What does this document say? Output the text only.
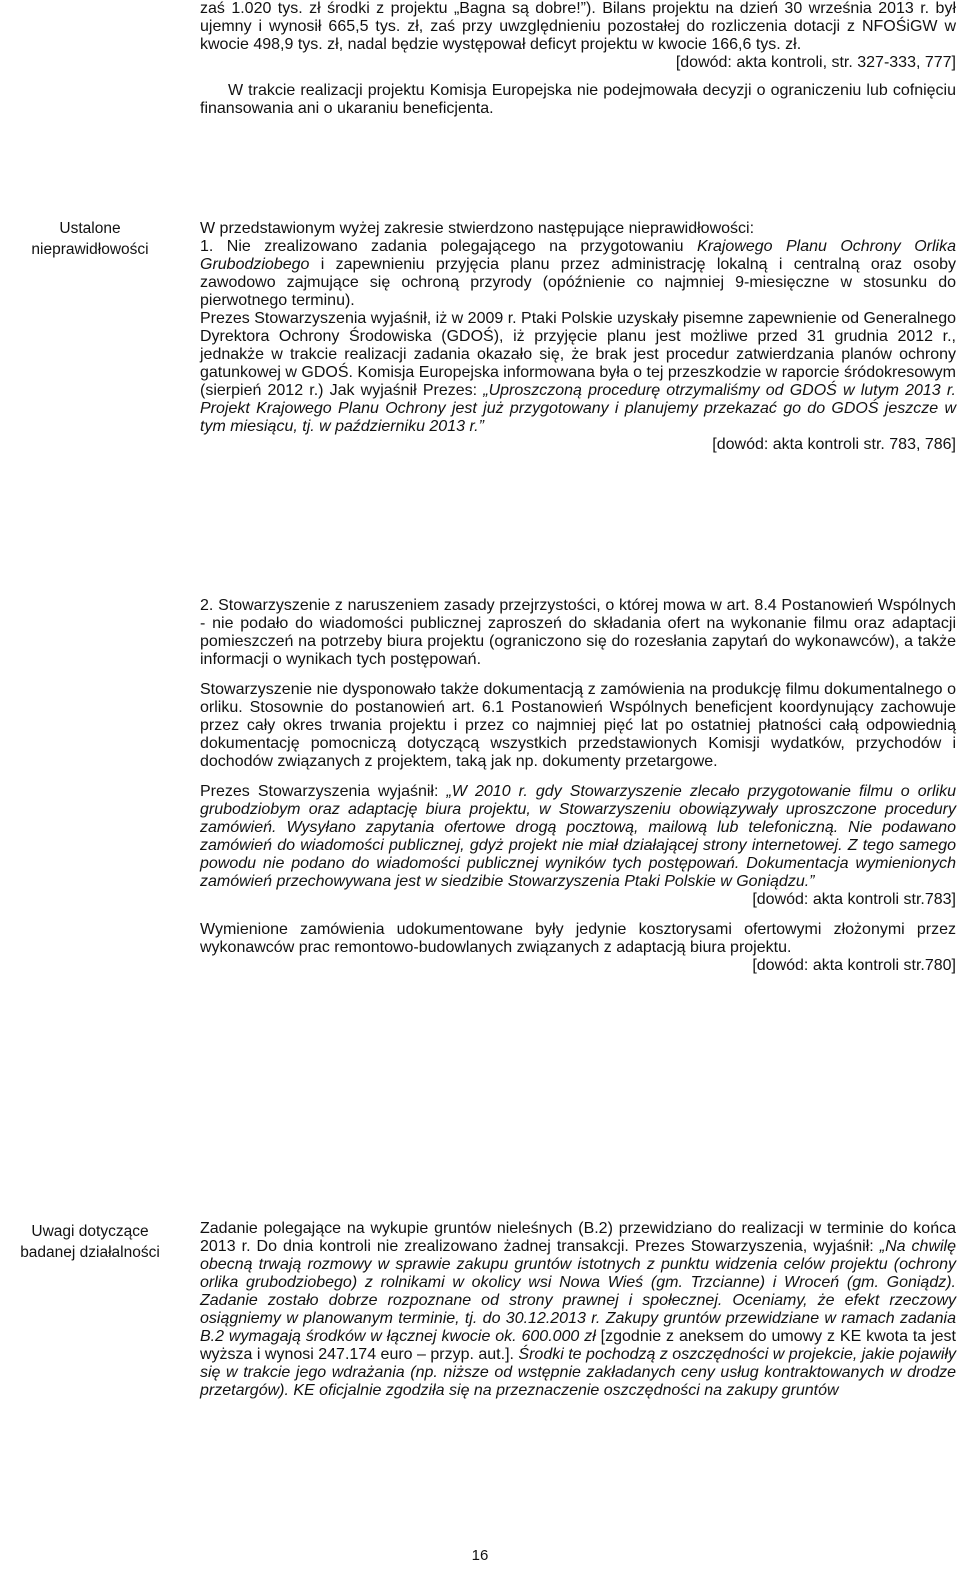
zaś 1.020 tys. zł środki z projektu „Bagna są dobre!”). Bilans projektu na dzień 30 września 2013 r. był ujemny i wynosił 665,5 tys. zł, zaś przy uwzględnieniu pozostałej do rozliczenia dotacji z NFOŚiGW w kwocie 498,9 tys. zł, nadal będzie występował deficyt projektu w kwocie 166,6 tys. zł.

[dowód: akta kontroli, str. 327-333, 777]

W trakcie realizacji projektu Komisja Europejska nie podejmowała decyzji o ograniczeniu lub cofnięciu finansowania ani o ukaraniu beneficjenta.

Ustalone nieprawidłowości
Uwagi dotyczące badanej działalności

W przedstawionym wyżej zakresie stwierdzono następujące nieprawidłowości:

1. Nie zrealizowano zadania polegającego na przygotowaniu Krajowego Planu Ochrony Orlika Grubodziobego i zapewnieniu przyjęcia planu przez administrację lokalną i centralną oraz osoby zawodowo zajmujące się ochroną przyrody (opóźnienie co najmniej 9-miesięczne w stosunku do pierwotnego terminu).

Prezes Stowarzyszenia wyjaśnił, iż w 2009 r. Ptaki Polskie uzyskały pisemne zapewnienie od Generalnego Dyrektora Ochrony Środowiska (GDOŚ), iż przyjęcie planu jest możliwe przed 31 grudnia 2012 r., jednakże w trakcie realizacji zadania okazało się, że brak jest procedur zatwierdzania planów ochrony gatunkowej w GDOŚ. Komisja Europejska informowana była o tej przeszkodzie w raporcie śródokresowym (sierpień 2012 r.) Jak wyjaśnił Prezes: „Uproszczoną procedurę otrzymaliśmy od GDOŚ w lutym 2013 r. Projekt Krajowego Planu Ochrony jest już przygotowany i planujemy przekazać go do GDOŚ jeszcze w tym miesiącu, tj. w październiku 2013 r.”

[dowód: akta kontroli str. 783, 786]

2. Stowarzyszenie z naruszeniem zasady przejrzystości, o której mowa w art. 8.4 Postanowień Wspólnych - nie podało do wiadomości publicznej zaproszeń do składania ofert na wykonanie filmu oraz adaptacji pomieszczeń na potrzeby biura projektu (ograniczono się do rozesłania zapytań do wykonawców), a także informacji o wynikach tych postępowań.

Stowarzyszenie nie dysponowało także dokumentacją z zamówienia na produkcję filmu dokumentalnego o orliku. Stosownie do postanowień art. 6.1 Postanowień Wspólnych beneficjent koordynujący zachowuje przez cały okres trwania projektu i przez co najmniej pięć lat po ostatniej płatności całą odpowiednią dokumentację pomocniczą dotyczącą wszystkich przedstawionych Komisji wydatków, przychodów i dochodów związanych z projektem, taką jak np. dokumenty przetargowe.

Prezes Stowarzyszenia wyjaśnił: „W 2010 r. gdy Stowarzyszenie zlecało przygotowanie filmu o orliku grubodziobym oraz adaptację biura projektu, w Stowarzyszeniu obowiązywały uproszczone procedury zamówień. Wysyłano zapytania ofertowe drogą pocztową, mailową lub telefoniczną. Nie podawano zamówień do wiadomości publicznej, gdyż projekt nie miał działającej strony internetowej. Z tego samego powodu nie podano do wiadomości publicznej wyników tych postępowań. Dokumentacja wymienionych zamówień przechowywana jest w siedzibie Stowarzyszenia Ptaki Polskie w Goniądzu.”

[dowód: akta kontroli str.783]

Wymienione zamówienia udokumentowane były jedynie kosztorysami ofertowymi złożonymi przez wykonawców prac remontowo-budowlanych związanych z adaptacją biura projektu.

[dowód: akta kontroli str.780]

Zadanie polegające na wykupie gruntów nieleśnych (B.2) przewidziano do realizacji w terminie do końca 2013 r. Do dnia kontroli nie zrealizowano żadnej transakcji. Prezes Stowarzyszenia, wyjaśnił: „Na chwilę obecną trwają rozmowy w sprawie zakupu gruntów istotnych z punktu widzenia celów projektu (ochrony orlika grubodziobego) z rolnikami w okolicy wsi Nowa Wieś (gm. Trzcianne) i Wroceń (gm. Goniądz). Zadanie zostało dobrze rozpoznane od strony prawnej i społecznej. Oceniamy, że efekt rzeczowy osiągniemy w planowanym terminie, tj. do 30.12.2013 r. Zakupy gruntów przewidziane w ramach zadania B.2 wymagają środków w łącznej kwocie ok. 600.000 zł [zgodnie z aneksem do umowy z KE kwota ta jest wyższa i wynosi 247.174 euro – przyp. aut.]. Środki te pochodzą z oszczędności w projekcie, jakie pojawiły się w trakcie jego wdrażania (np. niższe od wstępnie zakładanych ceny usług kontraktowanych w drodze przetargów). KE oficjalnie zgodziła się na przeznaczenie oszczędności na zakupy gruntów

16
